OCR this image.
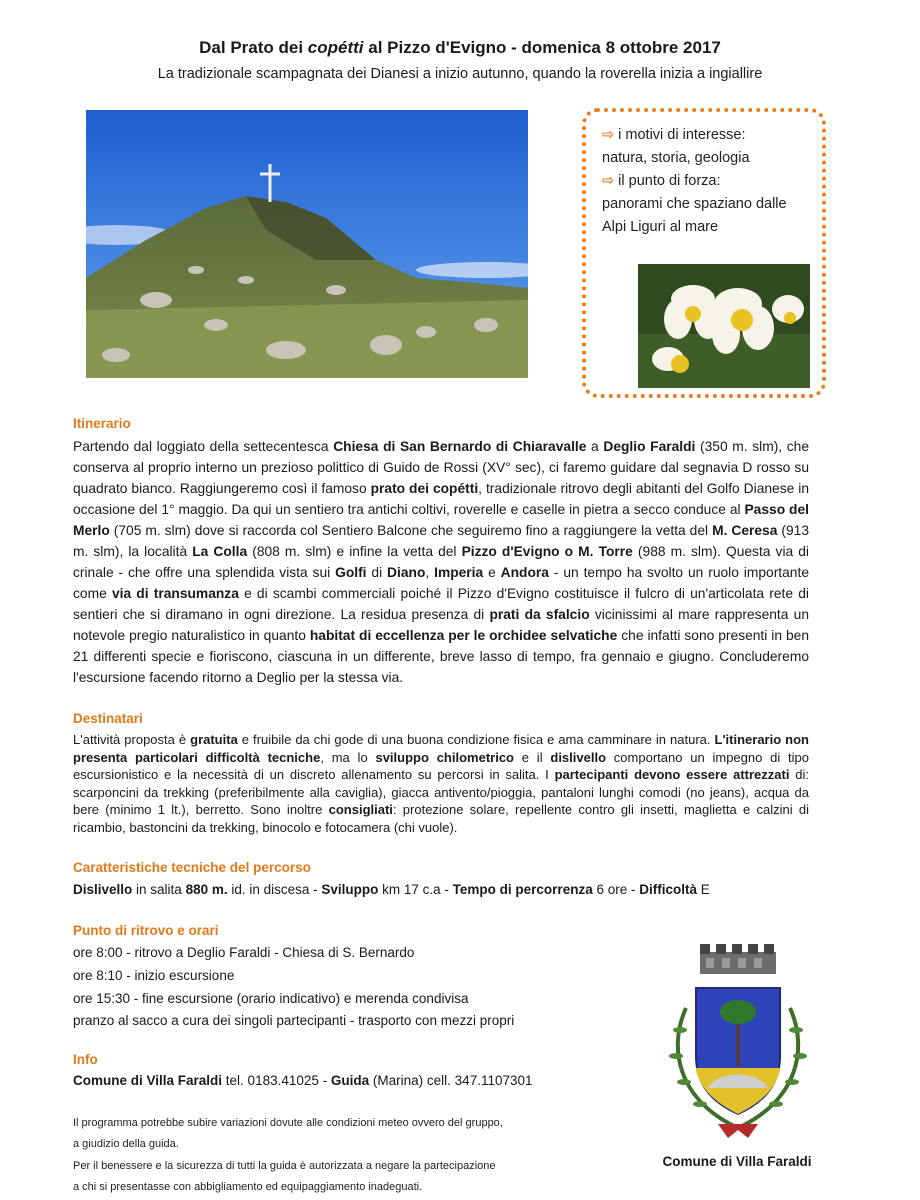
Dal Prato dei copétti al Pizzo d'Evigno - domenica 8 ottobre 2017
La tradizionale scampagnata dei Dianesi a inizio autunno, quando la roverella inizia a ingiallire
⇨ i motivi di interesse:
natura, storia, geologia
⇨ il punto di forza:
panorami che spaziano dalle
Alpi Liguri al mare
Itinerario
Partendo dal loggiato della settecentesca Chiesa di San Bernardo di Chiaravalle a Deglio Faraldi (350 m. slm), che conserva al proprio interno un prezioso polittico di Guido de Rossi (XV° sec), ci faremo guidare dal segnavia D rosso su quadrato bianco. Raggiungeremo così il famoso prato dei copétti, tradizionale ritrovo degli abitanti del Golfo Dianese in occasione del 1° maggio. Da qui un sentiero tra antichi coltivi, roverelle e caselle in pietra a secco conduce al Passo del Merlo (705 m. slm) dove si raccorda col Sentiero Balcone che seguiremo fino a raggiungere la vetta del M. Ceresa (913 m. slm), la località La Colla (808 m. slm) e infine la vetta del Pizzo d'Evigno o M. Torre (988 m. slm). Questa via di crinale - che offre una splendida vista sui Golfi di Diano, Imperia e Andora - un tempo ha svolto un ruolo importante come via di transumanza e di scambi commerciali poiché il Pizzo d'Evigno costituisce il fulcro di un'articolata rete di sentieri che si diramano in ogni direzione. La residua presenza di prati da sfalcio vicinissimi al mare rappresenta un notevole pregio naturalistico in quanto habitat di eccellenza per le orchidee selvatiche che infatti sono presenti in ben 21 differenti specie e fioriscono, ciascuna in un differente, breve lasso di tempo, fra gennaio e giugno. Concluderemo l'escursione facendo ritorno a Deglio per la stessa via.
Destinatari
L'attività proposta è gratuita e fruibile da chi gode di una buona condizione fisica e ama camminare in natura. L'itinerario non presenta particolari difficoltà tecniche, ma lo sviluppo chilometrico e il dislivello comportano un impegno di tipo escursionistico e la necessità di un discreto allenamento su percorsi in salita. I partecipanti devono essere attrezzati di: scarponcini da trekking (preferibilmente alla caviglia), giacca antivento/pioggia, pantaloni lunghi comodi (no jeans), acqua da bere (minimo 1 lt.), berretto. Sono inoltre consigliati: protezione solare, repellente contro gli insetti, maglietta e calzini di ricambio, bastoncini da trekking, binocolo e fotocamera (chi vuole).
Caratteristiche tecniche del percorso
Dislivello in salita 880 m. id. in discesa - Sviluppo km 17 c.a - Tempo di percorrenza 6 ore - Difficoltà E
Punto di ritrovo e orari
ore 8:00 - ritrovo a Deglio Faraldi - Chiesa di S. Bernardo
ore 8:10 - inizio escursione
ore 15:30 - fine escursione (orario indicativo) e merenda condivisa
pranzo al sacco a cura dei singoli partecipanti - trasporto con mezzi propri
Info
Comune di Villa Faraldi tel. 0183.41025 - Guida (Marina) cell. 347.1107301
Il programma potrebbe subire variazioni dovute alle condizioni meteo ovvero del gruppo,
a giudizio della guida.
Per il benessere e la sicurezza di tutti la guida è autorizzata a negare la partecipazione
a chi si presentasse con abbigliamento ed equipaggiamento inadeguati.
Comune di Villa Faraldi
